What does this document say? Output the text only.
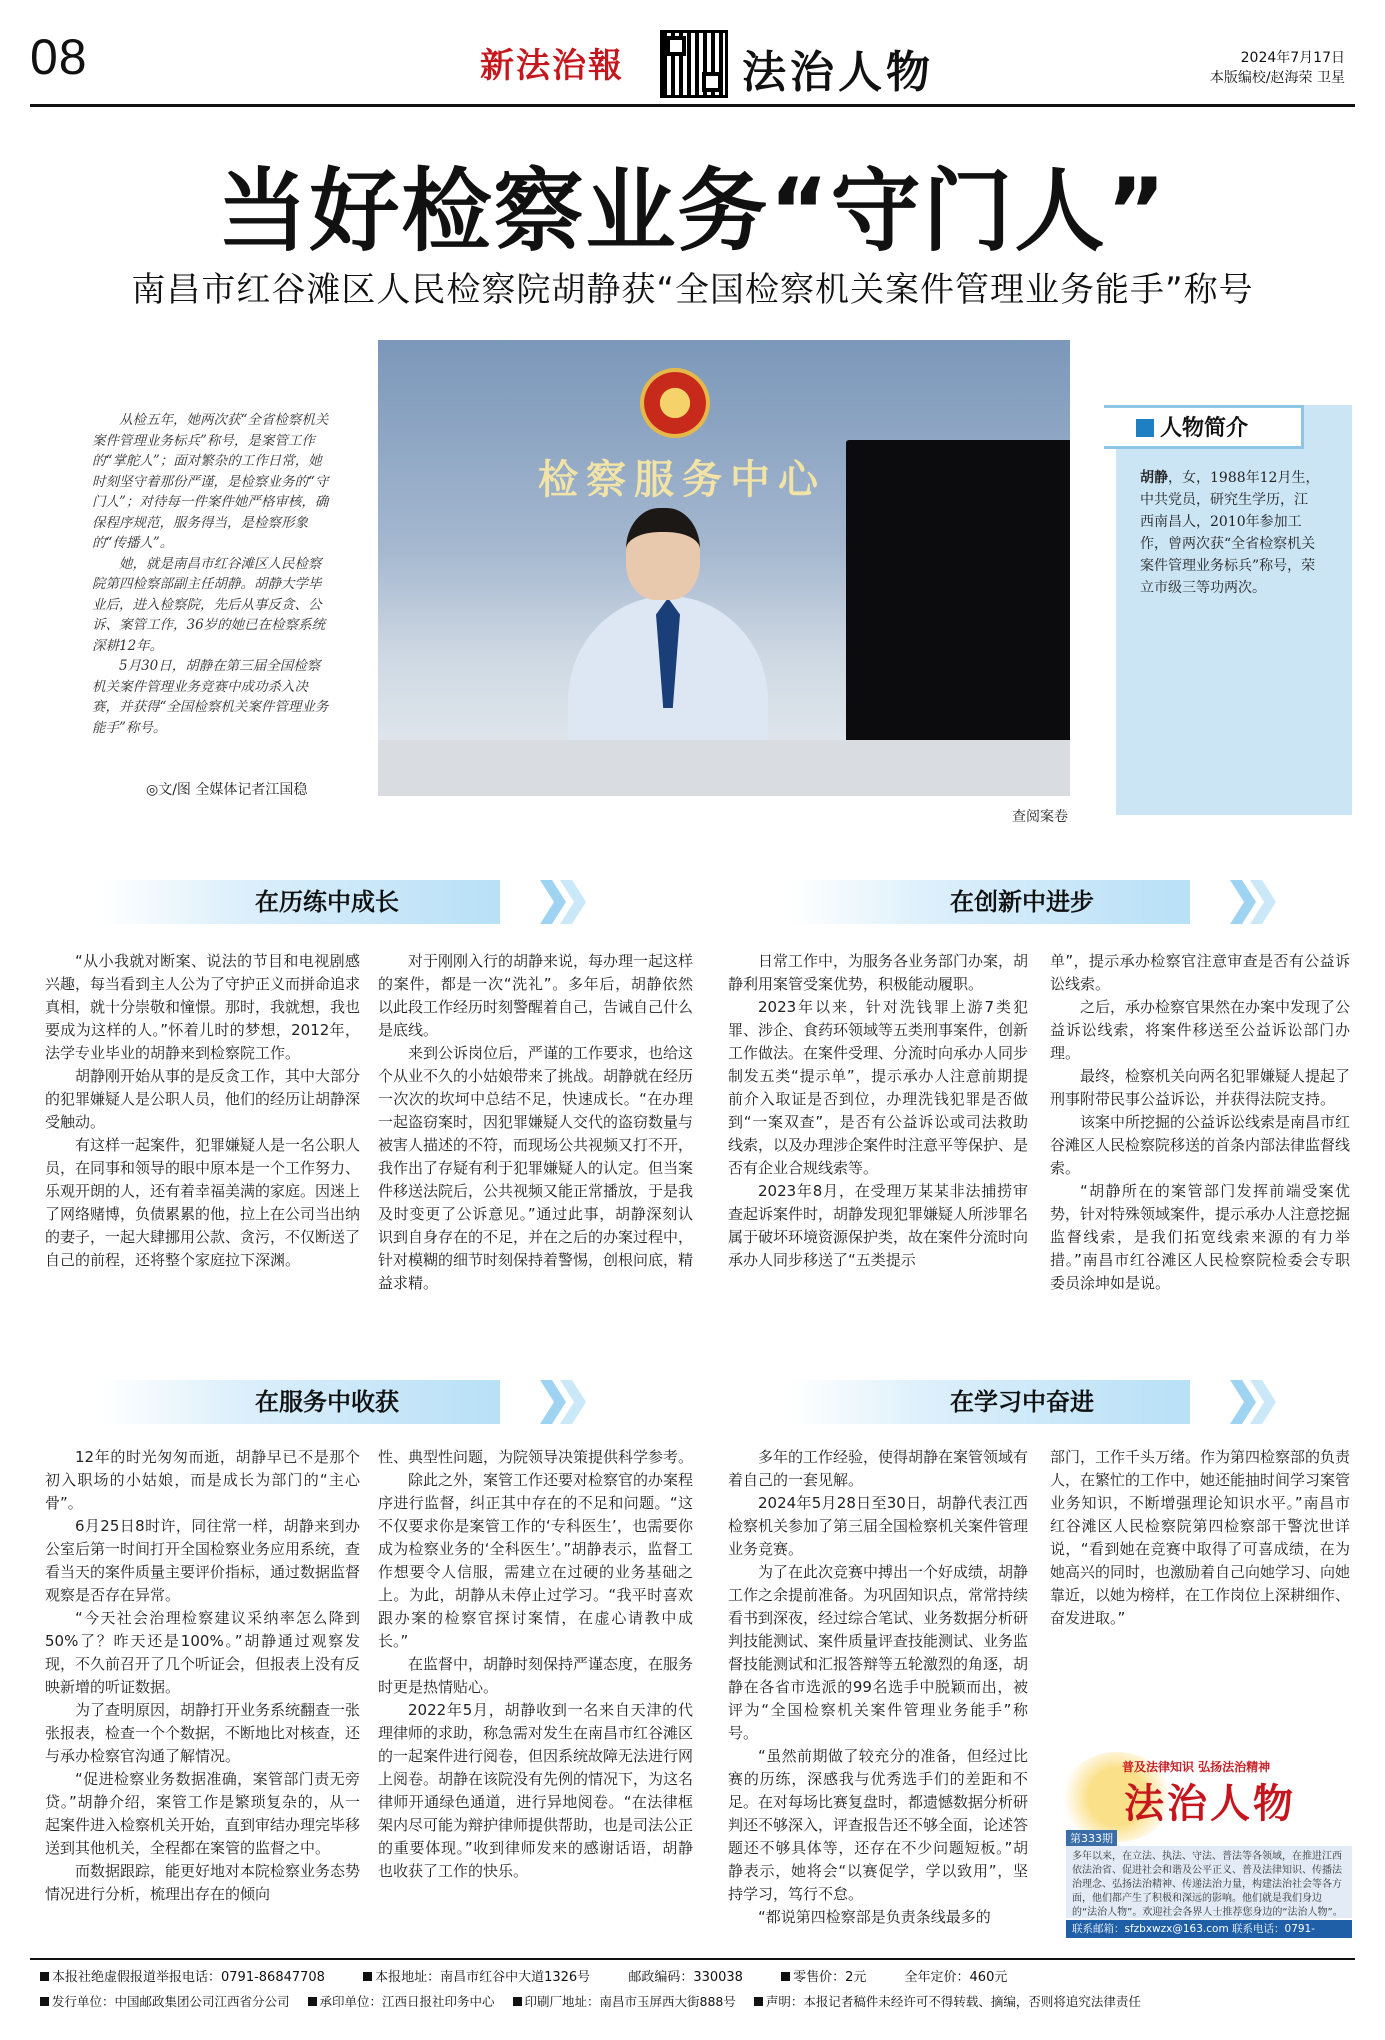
08	新法治報	法治人物	2024年7月17日
本版编校/赵海荣 卫星
当好检察业务“守门人”
南昌市红谷滩区人民检察院胡静获“全国检察机关案件管理业务能手”称号

从检五年，她两次获“全省检察机关案件管理业务标兵”称号，是案管工作的“掌舵人”；面对繁杂的工作日常，她时刻坚守着那份严谨，是检察业务的“守门人”；对待每一件案件她严格审核，确保程序规范，服务得当，是检察形象的“传播人”。

她，就是南昌市红谷滩区人民检察院第四检察部副主任胡静。胡静大学毕业后，进入检察院，先后从事反贪、公诉、案管工作，36岁的她已在检察系统深耕12年。

5月30日，胡静在第三届全国检察机关案件管理业务竞赛中成功杀入决赛，并获得“全国检察机关案件管理业务能手”称号。

◎文/图 全媒体记者江国稳
检察服务中心
查阅案卷
人物简介
胡静，女，1988年12月生，中共党员，研究生学历，江西南昌人，2010年参加工作，曾两次获“全省检察机关案件管理业务标兵”称号，荣立市级三等功两次。
在历练中成长	在创新中进步
在服务中收获	在学习中奋进

“从小我就对断案、说法的节目和电视剧感兴趣，每当看到主人公为了守护正义而拼命追求真相，就十分崇敬和憧憬。那时，我就想，我也要成为这样的人。”怀着儿时的梦想，2012年，法学专业毕业的胡静来到检察院工作。

胡静刚开始从事的是反贪工作，其中大部分的犯罪嫌疑人是公职人员，他们的经历让胡静深受触动。

有这样一起案件，犯罪嫌疑人是一名公职人员，在同事和领导的眼中原本是一个工作努力、乐观开朗的人，还有着幸福美满的家庭。因迷上了网络赌博，负债累累的他，拉上在公司当出纳的妻子，一起大肆挪用公款、贪污，不仅断送了自己的前程，还将整个家庭拉下深渊。

对于刚刚入行的胡静来说，每办理一起这样的案件，都是一次“洗礼”。多年后，胡静依然以此段工作经历时刻警醒着自己，告诫自己什么是底线。

来到公诉岗位后，严谨的工作要求，也给这个从业不久的小姑娘带来了挑战。胡静就在经历一次次的坎坷中总结不足，快速成长。“在办理一起盗窃案时，因犯罪嫌疑人交代的盗窃数量与被害人描述的不符，而现场公共视频又打不开，我作出了存疑有利于犯罪嫌疑人的认定。但当案件移送法院后，公共视频又能正常播放，于是我及时变更了公诉意见。”通过此事，胡静深刻认识到自身存在的不足，并在之后的办案过程中，针对模糊的细节时刻保持着警惕，创根问底，精益求精。

日常工作中，为服务各业务部门办案，胡静利用案管受案优势，积极能动履职。

2023年以来，针对洗钱罪上游7类犯罪、涉企、食药环领域等五类刑事案件，创新工作做法。在案件受理、分流时向承办人同步制发五类“提示单”，提示承办人注意前期提前介入取证是否到位，办理洗钱犯罪是否做到“一案双查”，是否有公益诉讼或司法救助线索，以及办理涉企案件时注意平等保护、是否有企业合规线索等。

2023年8月，在受理万某某非法捕捞审查起诉案件时，胡静发现犯罪嫌疑人所涉罪名属于破坏环境资源保护类，故在案件分流时向承办人同步移送了“五类提示

单”，提示承办检察官注意审查是否有公益诉讼线索。

之后，承办检察官果然在办案中发现了公益诉讼线索，将案件移送至公益诉讼部门办理。

最终，检察机关向两名犯罪嫌疑人提起了刑事附带民事公益诉讼，并获得法院支持。

该案中所挖掘的公益诉讼线索是南昌市红谷滩区人民检察院移送的首条内部法律监督线索。

“胡静所在的案管部门发挥前端受案优势，针对特殊领域案件，提示承办人注意挖掘监督线索，是我们拓宽线索来源的有力举措。”南昌市红谷滩区人民检察院检委会专职委员涂坤如是说。

12年的时光匆匆而逝，胡静早已不是那个初入职场的小姑娘，而是成长为部门的“主心骨”。

6月25日8时许，同往常一样，胡静来到办公室后第一时间打开全国检察业务应用系统，查看当天的案件质量主要评价指标，通过数据监督观察是否存在异常。

“今天社会治理检察建议采纳率怎么降到50%了？昨天还是100%。”胡静通过观察发现，不久前召开了几个听证会，但报表上没有反映新增的听证数据。

为了查明原因，胡静打开业务系统翻查一张张报表，检查一个个数据，不断地比对核查，还与承办检察官沟通了解情况。

“促进检察业务数据准确，案管部门责无旁贷。”胡静介绍，案管工作是繁琐复杂的，从一起案件进入检察机关开始，直到审结办理完毕移送到其他机关，全程都在案管的监督之中。

而数据跟踪，能更好地对本院检察业务态势情况进行分析，梳理出存在的倾向

性、典型性问题，为院领导决策提供科学参考。

除此之外，案管工作还要对检察官的办案程序进行监督，纠正其中存在的不足和问题。“这不仅要求你是案管工作的‘专科医生’，也需要你成为检察业务的‘全科医生’。”胡静表示，监督工作想要令人信服，需建立在过硬的业务基础之上。为此，胡静从未停止过学习。“我平时喜欢跟办案的检察官探讨案情，在虚心请教中成长。”

在监督中，胡静时刻保持严谨态度，在服务时更是热情贴心。

2022年5月，胡静收到一名来自天津的代理律师的求助，称急需对发生在南昌市红谷滩区的一起案件进行阅卷，但因系统故障无法进行网上阅卷。胡静在该院没有先例的情况下，为这名律师开通绿色通道，进行异地阅卷。“在法律框架内尽可能为辩护律师提供帮助，也是司法公正的重要体现。”收到律师发来的感谢话语，胡静也收获了工作的快乐。

多年的工作经验，使得胡静在案管领域有着自己的一套见解。

2024年5月28日至30日，胡静代表江西检察机关参加了第三届全国检察机关案件管理业务竞赛。

为了在此次竞赛中搏出一个好成绩，胡静工作之余提前准备。为巩固知识点，常常持续看书到深夜，经过综合笔试、业务数据分析研判技能测试、案件质量评查技能测试、业务监督技能测试和汇报答辩等五轮激烈的角逐，胡静在各省市选派的99名选手中脱颖而出，被评为“全国检察机关案件管理业务能手”称号。

“虽然前期做了较充分的准备，但经过比赛的历练，深感我与优秀选手们的差距和不足。在对每场比赛复盘时，都遗憾数据分析研判还不够深入，评查报告还不够全面，论述答题还不够具体等，还存在不少问题短板。”胡静表示，她将会“以赛促学，学以致用”，坚持学习，笃行不怠。

“都说第四检察部是负责条线最多的

部门，工作千头万绪。作为第四检察部的负责人，在繁忙的工作中，她还能抽时间学习案管业务知识，不断增强理论知识水平。”南昌市红谷滩区人民检察院第四检察部干警沈世详说，“看到她在竞赛中取得了可喜成绩，在为她高兴的同时，也激励着自己向她学习、向她靠近，以她为榜样，在工作岗位上深耕细作、奋发进取。”

普及法律知识 弘扬法治精神
法治人物
第333期
多年以来，在立法、执法、守法、普法等各领域，在推进江西依法治省、促进社会和谐及公平正义、普及法律知识、传播法治理念、弘扬法治精神、传递法治力量，构建法治社会等各方面，他们都产生了积极和深远的影响。他们就是我们身边的“法治人物”。欢迎社会各界人士推荐您身边的“法治人物”。
联系邮箱：sfzbxwzx@163.com 联系电话：0791-86847870
本报社绝虚假报道举报电话：0791-86847708	本报地址：南昌市红谷中大道1326号	邮政编码：330038	零售价：2元	全年定价：460元
发行单位：中国邮政集团公司江西省分公司 承印单位：江西日报社印务中心 印刷厂地址：南昌市玉屏西大街888号 声明：本报记者稿件未经许可不得转载、摘编，否则将追究法律责任
